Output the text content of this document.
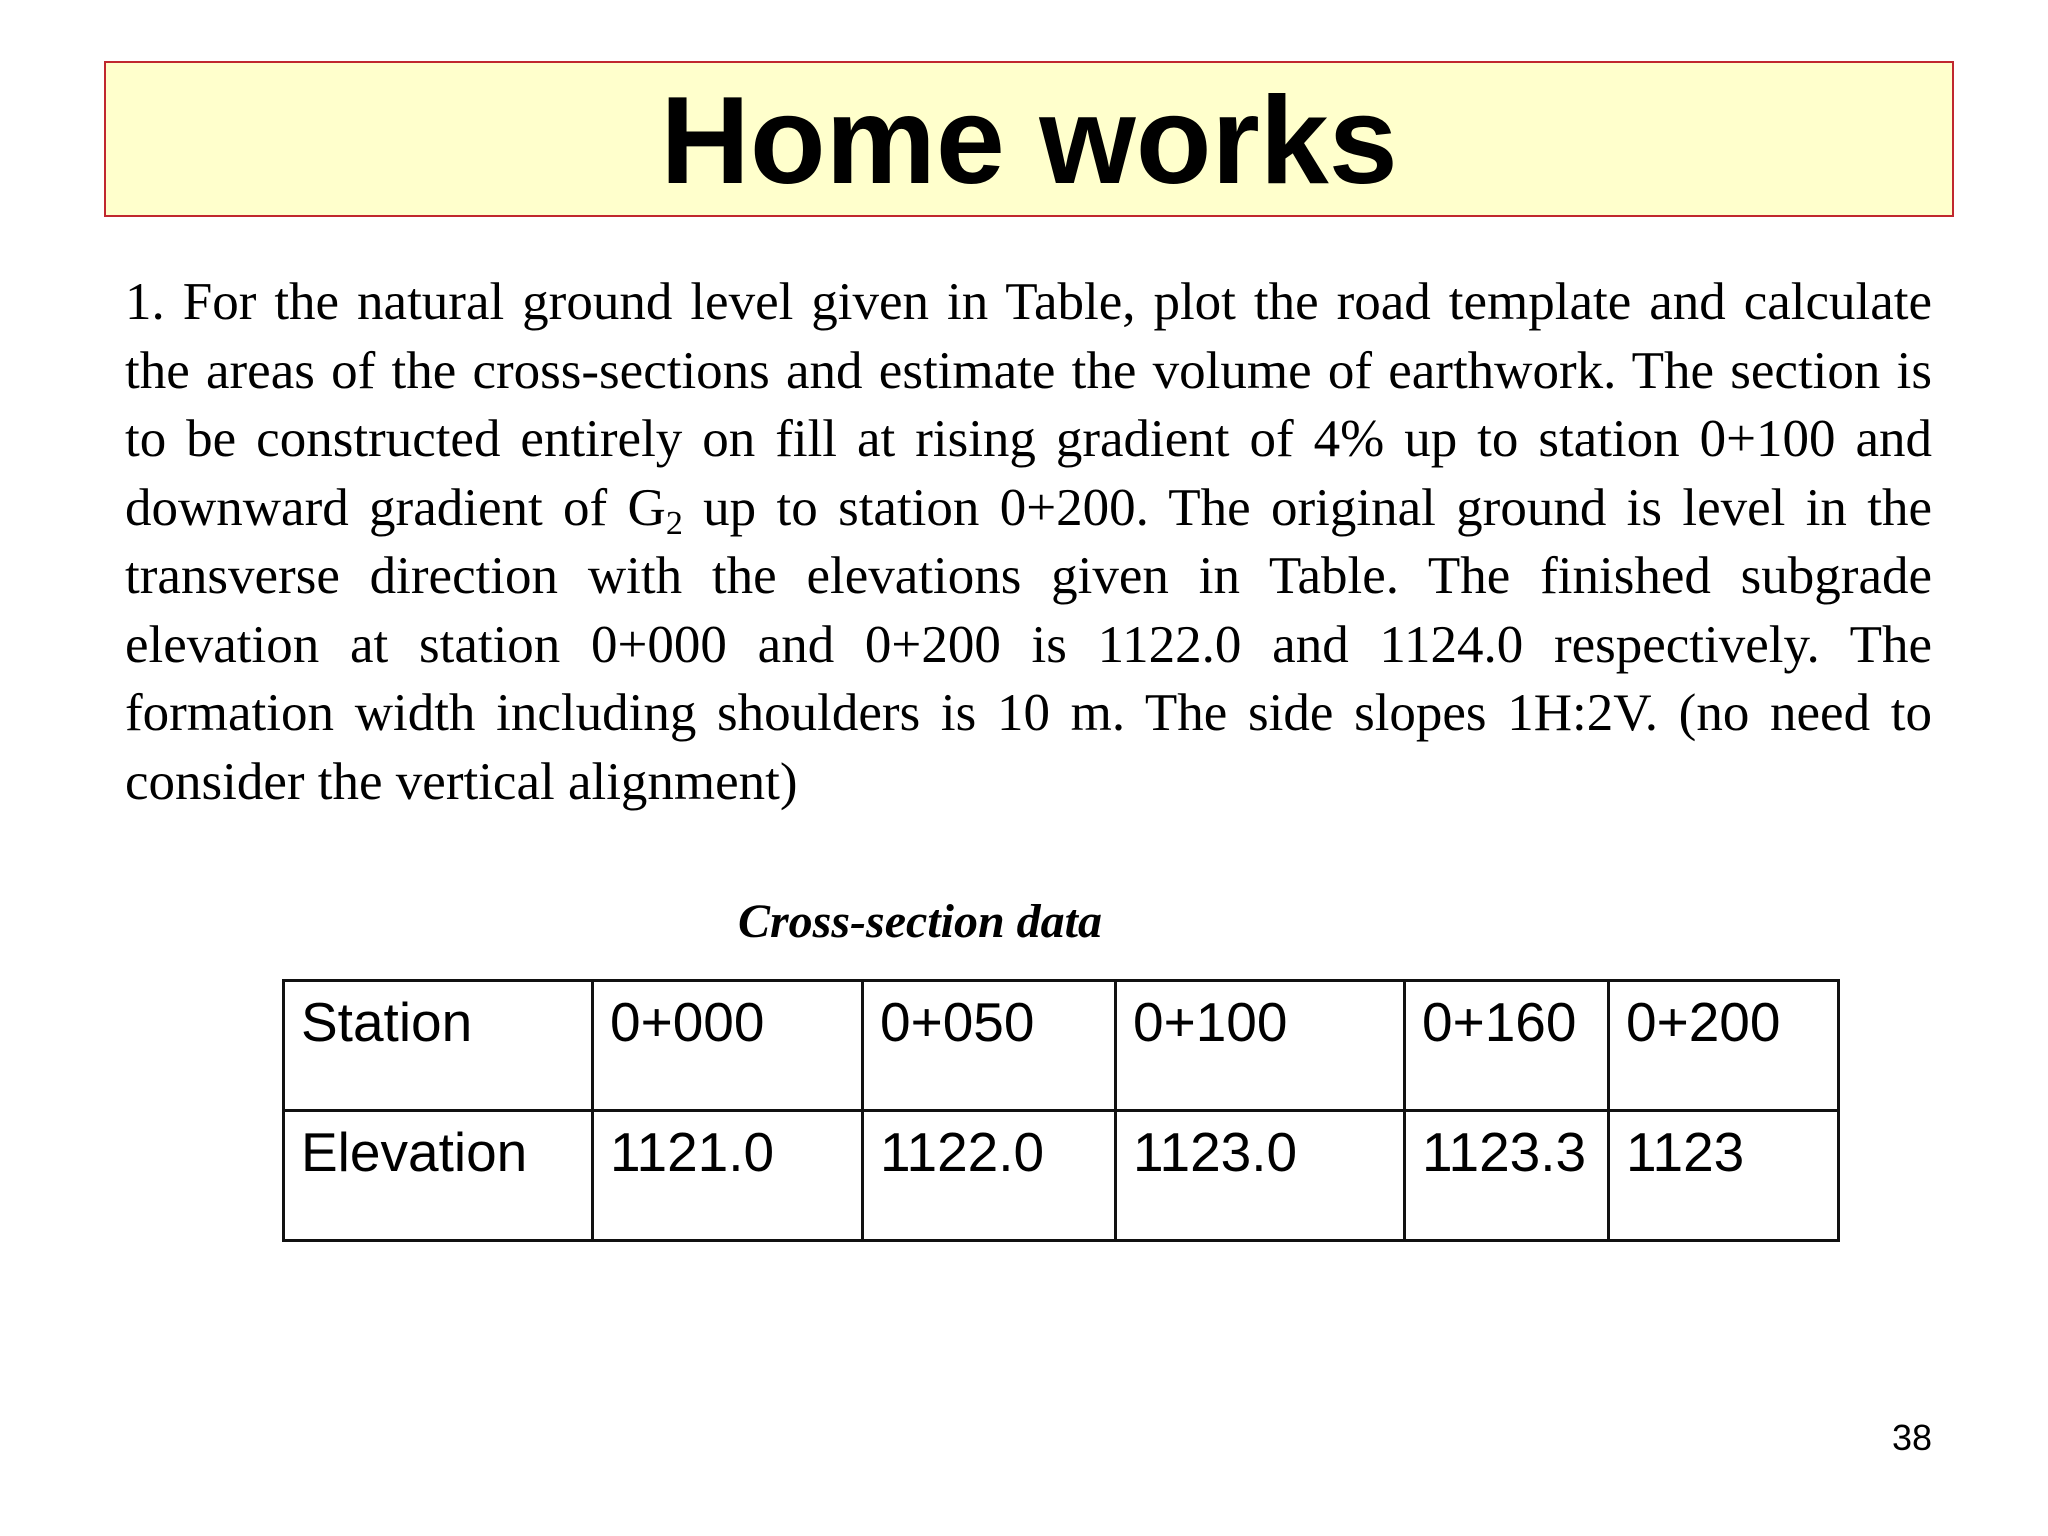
Home works

1. For the natural ground level given in Table, plot the road template and calculate the areas of the cross-sections and estimate the volume of earthwork. The section is to be constructed entirely on fill at rising gradient of 4% up to station 0+100 and downward gradient of $G_2$ up to station 0+200. The original ground is level in the transverse direction with the elevations given in Table. The finished subgrade elevation at station 0+000 and 0+200 is 1122.0 and 1124.0 respectively. The formation width including shoulders is 10 m. The side slopes 1H:2V. (no need to consider the vertical alignment)

Cross-section data
Station	0+000	0+050	0+100	0+160	0+200
Elevation	1121.0	1122.0	1123.0	1123.3	1123
38
